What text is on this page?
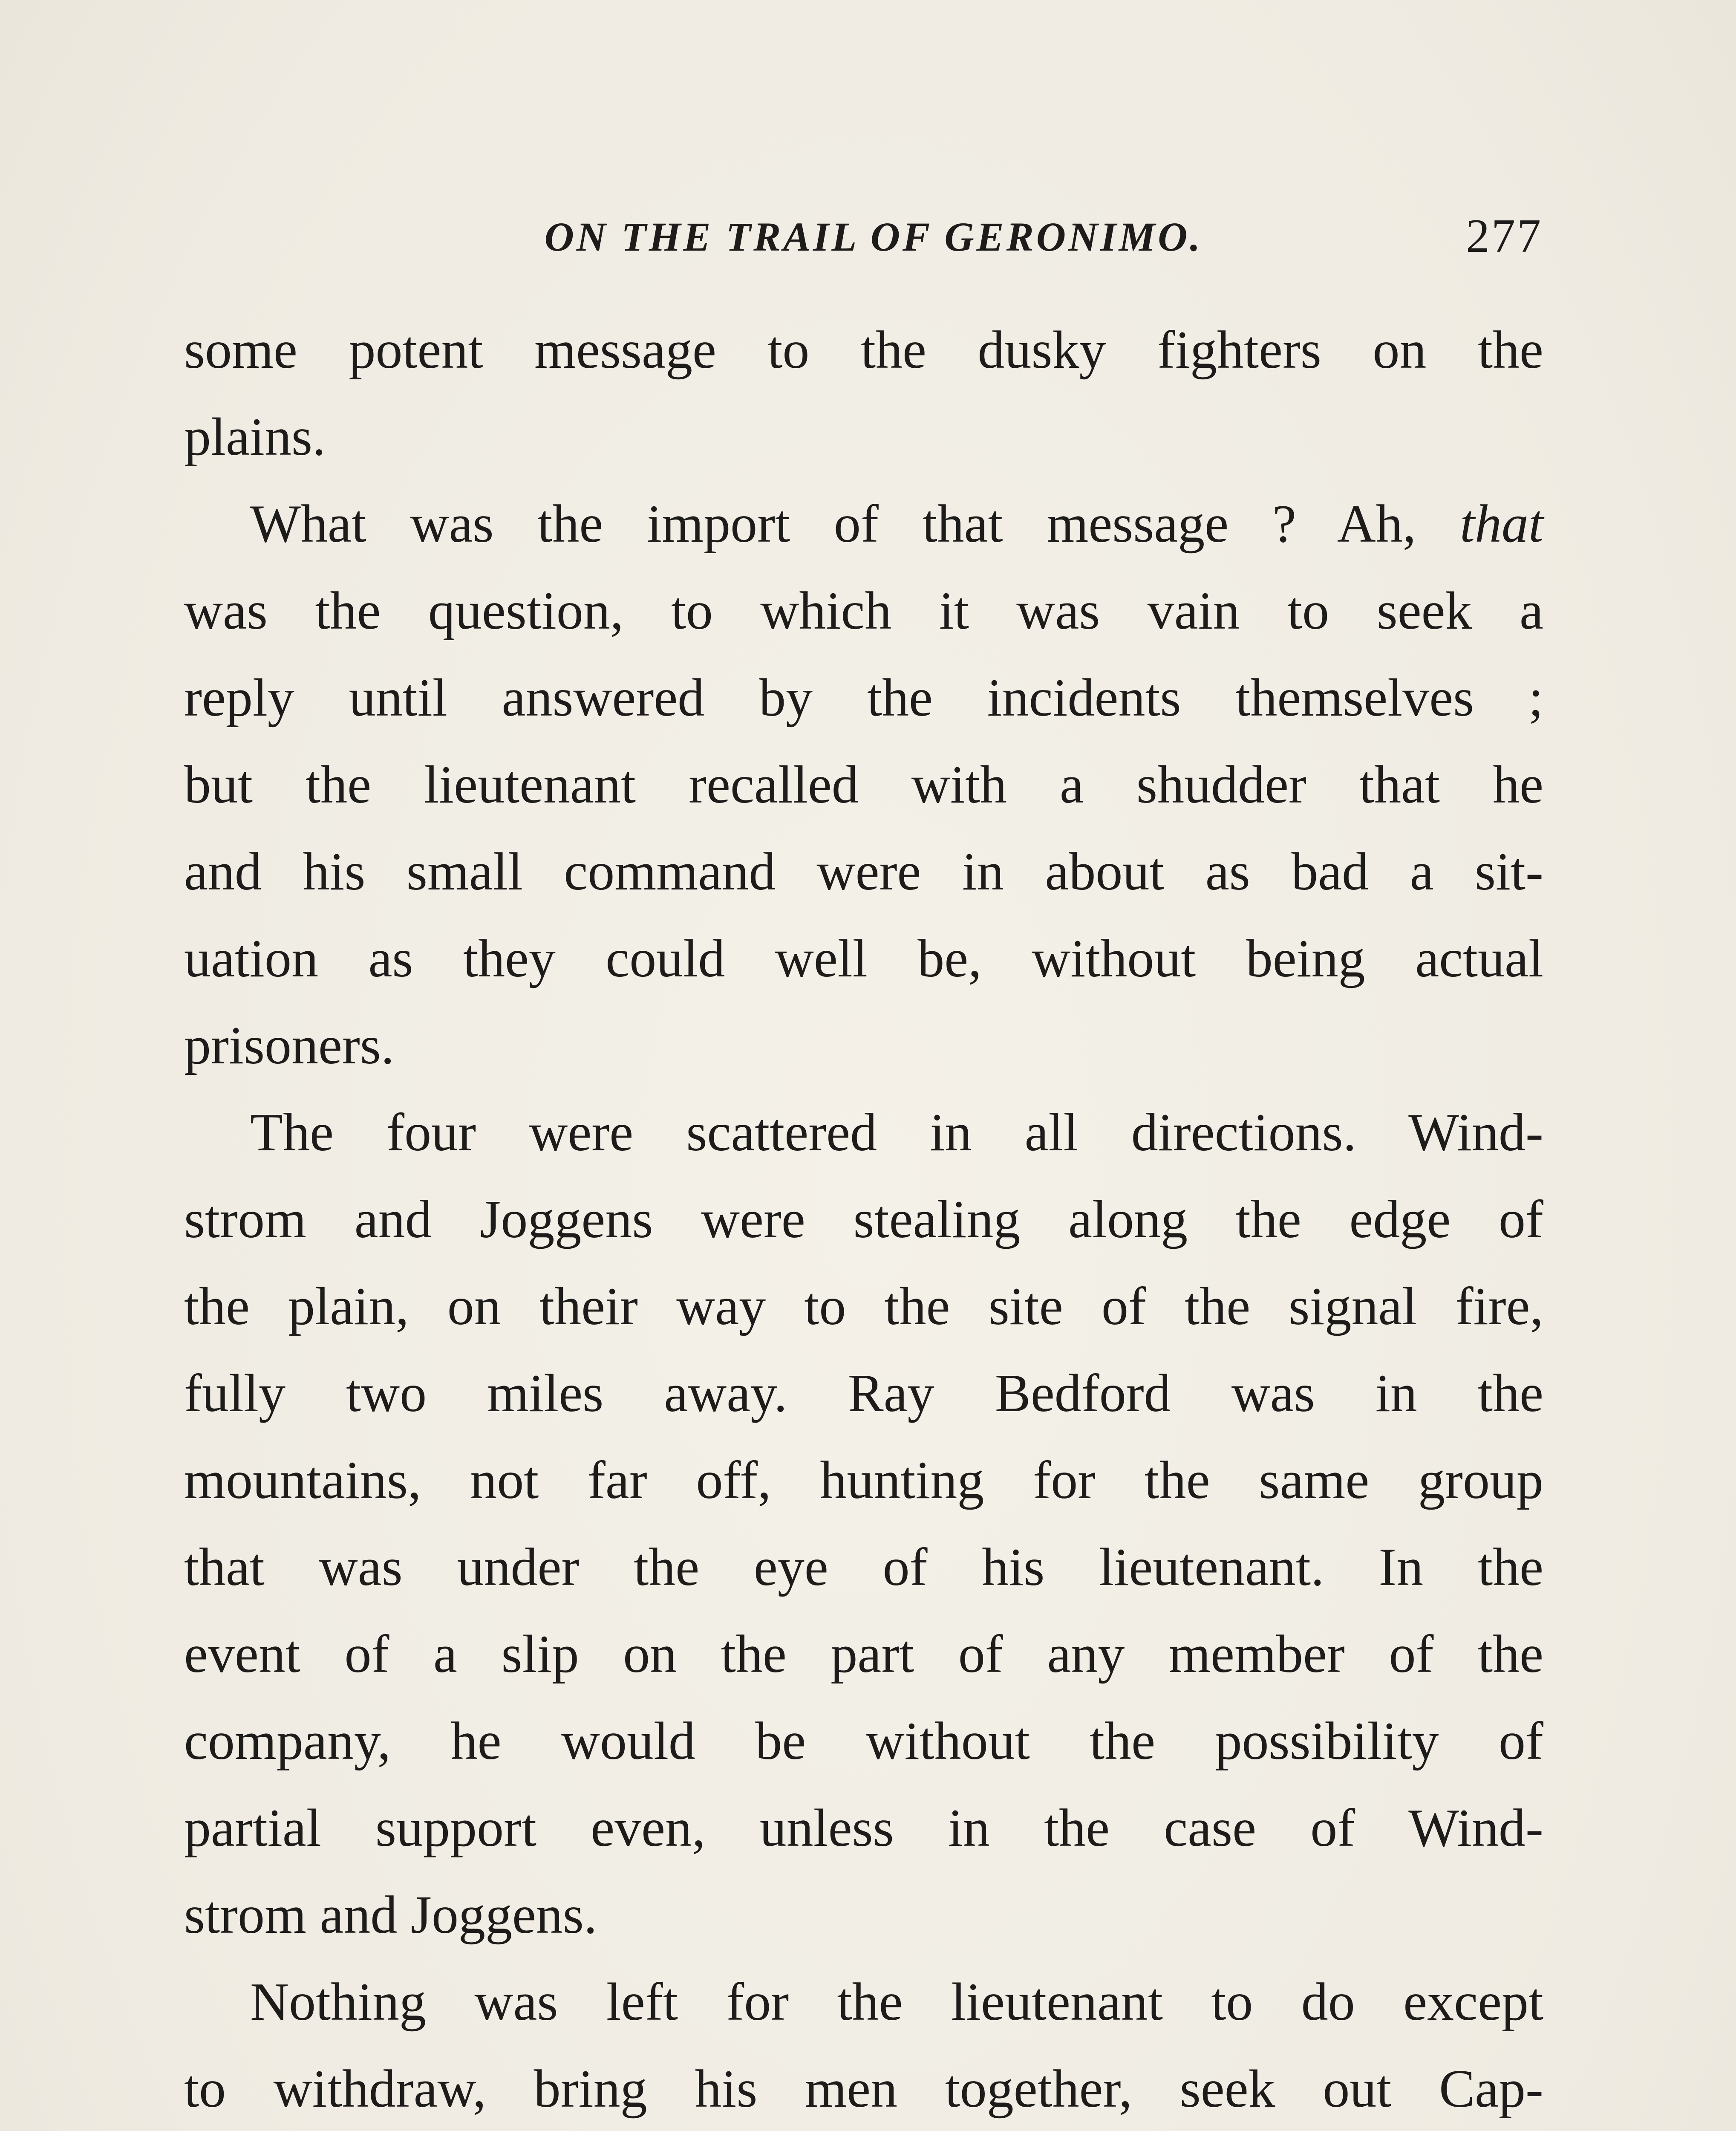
ON THE TRAIL OF GERONIMO.	277
some potent message to the dusky fighters on the
plains.
What was the import of that message ? Ah, that
was the question, to which it was vain to seek a
reply until answered by the incidents themselves ;
but the lieutenant recalled with a shudder that he
and his small command were in about as bad a sit-
uation as they could well be, without being actual
prisoners.
The four were scattered in all directions. Wind-
strom and Joggens were stealing along the edge of
the plain, on their way to the site of the signal fire,
fully two miles away. Ray Bedford was in the
mountains, not far off, hunting for the same group
that was under the eye of his lieutenant. In the
event of a slip on the part of any member of the
company, he would be without the possibility of
partial support even, unless in the case of Wind-
strom and Joggens.
Nothing was left for the lieutenant to do except
to withdraw, bring his men together, seek out Cap-
